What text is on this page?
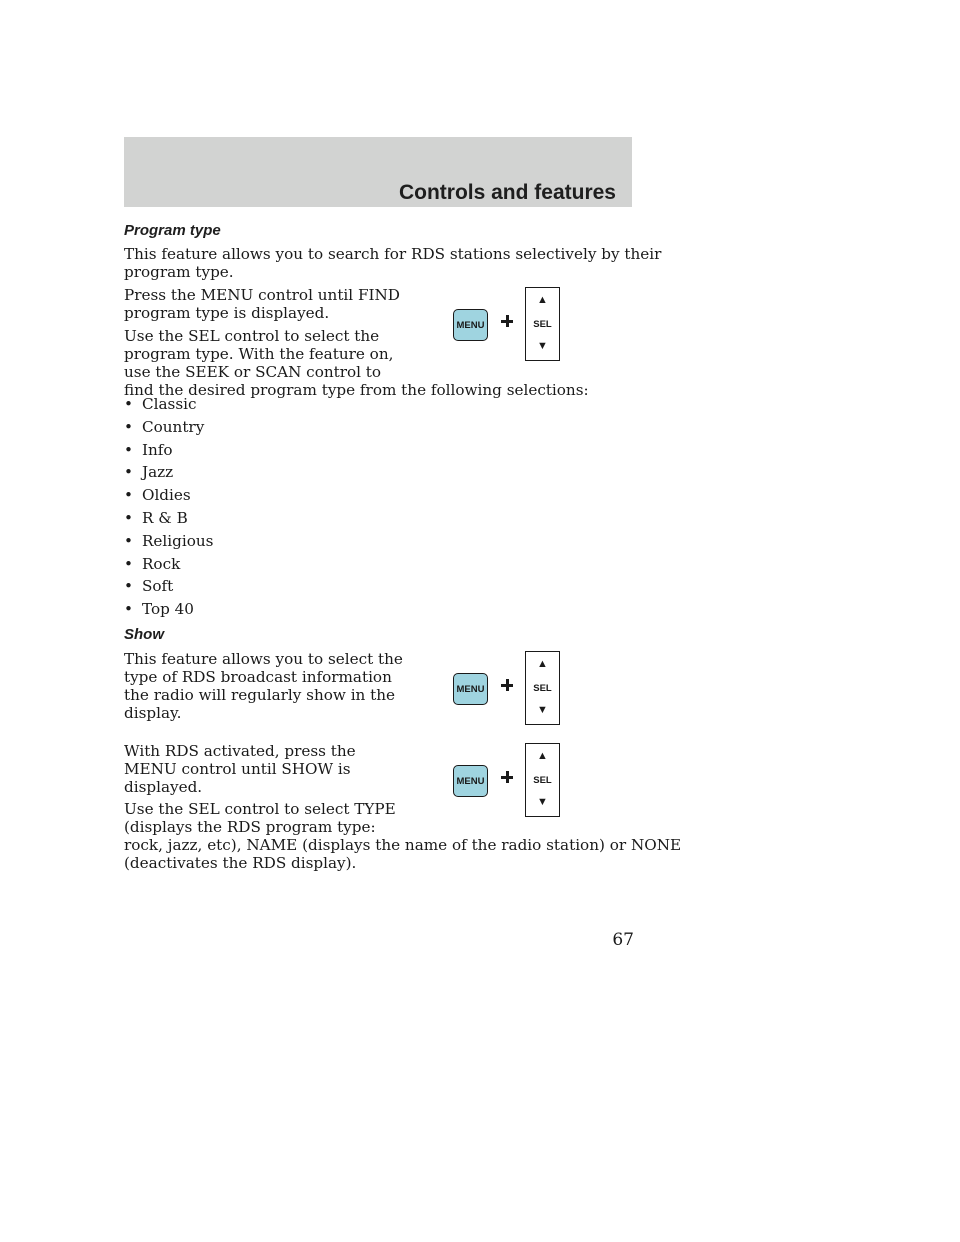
Controls and features
Program type

This feature allows you to search for RDS stations selectively by their
program type.

Press the MENU control until FIND
program type is displayed.

Use the SEL control to select the
program type. With the feature on,
use the SEEK or SCAN control to
find the desired program type from the following selections:

MENU
▲
SEL
▼
• Classic
• Country
• Info
• Jazz
• Oldies
• R & B
• Religious
• Rock
• Soft
• Top 40
Show

This feature allows you to select the
type of RDS broadcast information
the radio will regularly show in the
display.

MENU
▲
SEL
▼

With RDS activated, press the
MENU control until SHOW is
displayed.	MENU
▲
SEL
▼

Use the SEL control to select TYPE
(displays the RDS program type:
rock, jazz, etc), NAME (displays the name of the radio station) or NONE
(deactivates the RDS display).

67
